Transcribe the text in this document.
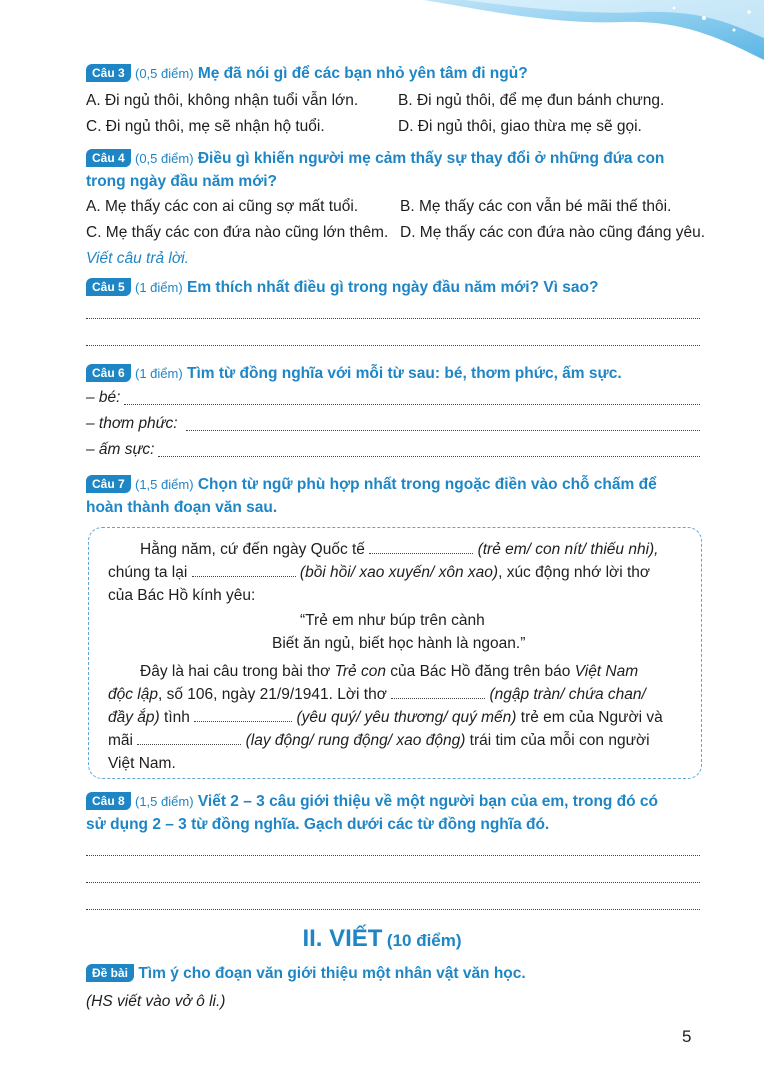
Câu 3 (0,5 điểm) Mẹ đã nói gì để các bạn nhỏ yên tâm đi ngủ?
A. Đi ngủ thôi, không nhận tuổi vẫn lớn.	B. Đi ngủ thôi, để mẹ đun bánh chưng.
C. Đi ngủ thôi, mẹ sẽ nhận hộ tuổi.	D. Đi ngủ thôi, giao thừa mẹ sẽ gọi.
Câu 4 (0,5 điểm) Điều gì khiến người mẹ cảm thấy sự thay đổi ở những đứa con
trong ngày đầu năm mới?
A. Mẹ thấy các con ai cũng sợ mất tuổi.	B. Mẹ thấy các con vẫn bé mãi thế thôi.
C. Mẹ thấy các con đứa nào cũng lớn thêm. D. Mẹ thấy các con đứa nào cũng đáng yêu.
Viết câu trả lời.
Câu 5 (1 điểm) Em thích nhất điều gì trong ngày đầu năm mới? Vì sao?
Câu 6 (1 điểm) Tìm từ đồng nghĩa với mỗi từ sau: bé, thơm phức, ấm sực.
– bé:
– thơm phức:
– ấm sực:
Câu 7 (1,5 điểm) Chọn từ ngữ phù hợp nhất trong ngoặc điền vào chỗ chấm để
hoàn thành đoạn văn sau.
Hằng năm, cứ đến ngày Quốc tế	(trẻ em/ con nít/ thiếu nhi),
chúng ta lại	(bồi hồi/ xao xuyến/ xôn xao), xúc động nhớ lời thơ
của Bác Hồ kính yêu:
“Trẻ em như búp trên cành
Biết ăn ngủ, biết học hành là ngoan.”
Đây là hai câu trong bài thơ Trẻ con của Bác Hồ đăng trên báo Việt Nam
độc lập, số 106, ngày 21/9/1941. Lời thơ	(ngập tràn/ chứa chan/
đầy ắp) tình	(yêu quý/ yêu thương/ quý mến) trẻ em của Người và
mãi	(lay động/ rung động/ xao động) trái tim của mỗi con người
Việt Nam.
Câu 8 (1,5 điểm) Viết 2 – 3 câu giới thiệu về một người bạn của em, trong đó có
sử dụng 2 – 3 từ đồng nghĩa. Gạch dưới các từ đồng nghĩa đó.
II. VIẾT (10 điểm)
Đề bài Tìm ý cho đoạn văn giới thiệu một nhân vật văn học.
(HS viết vào vở ô li.)
5
